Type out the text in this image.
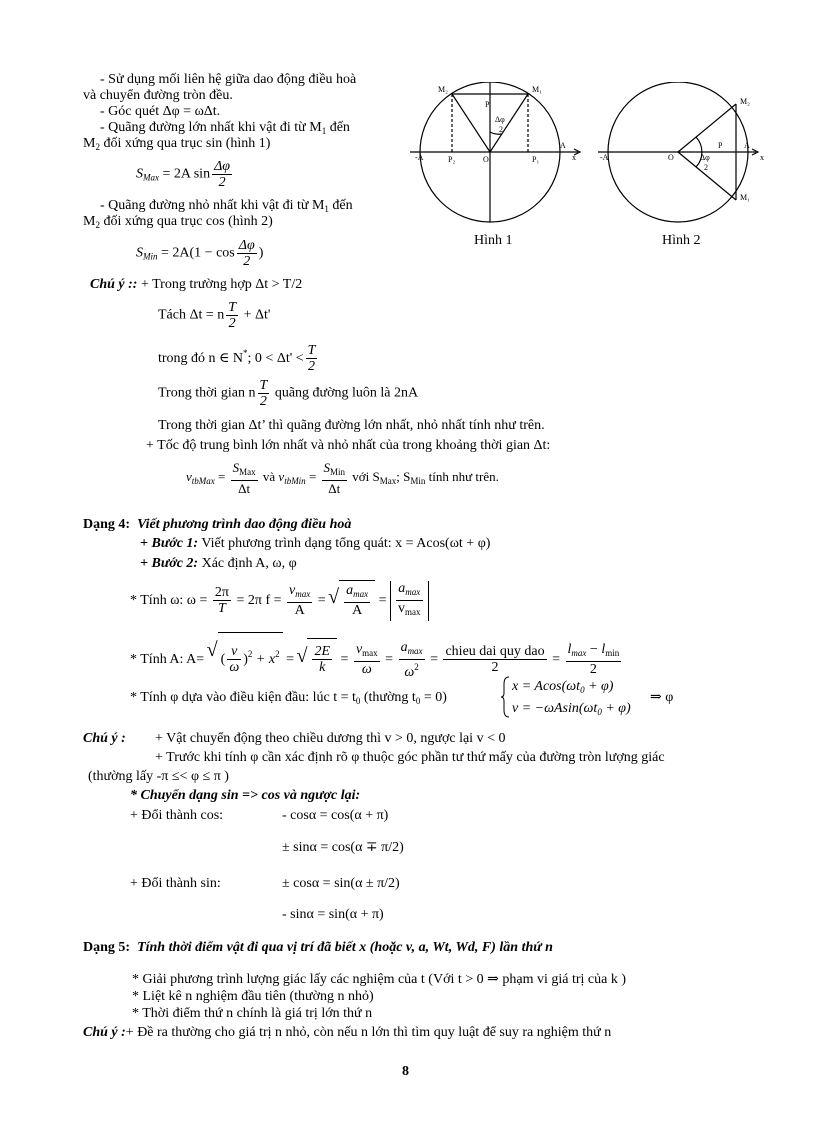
- Sử dụng mối liên hệ giữa dao động điều hoà
và chuyển đường tròn đều.
- Góc quét Δφ = ωΔt.
- Quãng đường lớn nhất khi vật đi từ $M_1$ đến
$M_2$ đối xứng qua trục sin (hình 1)
$S_{Max} = 2A$ $\sin \frac{\Delta\varphi}{2}$
- Quãng đường nhỏ nhất khi vật đi từ $M_1$ đến
$M_2$ đối xứng qua trục cos (hình 2)
$S_{Min} = 2A(1 - \cos \frac{\Delta\varphi}{2}$ )
M₂	M₁
P
Δφ
2
-A	P₂	O	P₁
A
x
M₂
M₁
-A	O
P
Δφ
2
A
x
Hình 1	Hình 2
Chú ý :: + Trong trường hợp Δt > T/2
Tách Δt = n $\frac{T}{2} + \Delta t'$
trong đó n ∈ N*; $0 < \Delta t' < \frac{T}{2}$
Trong thời gian n $\frac{T}{2}$ quãng đường luôn là 2nA
Trong thời gian Δt’ thì quãng đường lớn nhất, nhỏ nhất tính như trên.
+ Tốc độ trung bình lớn nhất và nhỏ nhất của trong khoảng thời gian Δt:
$v_{tbMax} = \frac{S_{Max}}{\Delta t}$ và $v_{tbMin} = \frac{S_{Min}}{\Delta t}$ với $S_{Max}$; $S_{Min}$ tính như trên.
Dạng 4: Viết phương trình dao động điều hoà
+ Bước 1: Viết phương trình dạng tổng quát: x = Acos(ωt + φ)
+ Bước 2: Xác định A, ω, φ
* Tính ω: $\omega = \frac{2\pi}{T} = 2\pi$ $f = \frac{v_{max}}{A}$ = √ $\frac{a_{max}}{A} = \frac{a_{max}}{v_{max}}$
* Tính A: A= √ ( $\frac{v}{\omega} )^2 + x^2$ = √ $\frac{2E}{k} = \frac{v_{max}}{\omega} = \frac{a_{max}}{\omega^2} = \frac{\text{chieu dai quy dao}}{2} = \frac{l_{max} - l_{min}}{2}$
* Tính φ dựa vào điều kiện đầu: lúc $t = t_0$ (thường $t_0 = 0$)
$x = Acos(\omega t_0 + \varphi)$
$v = -\omega Asin(\omega t_0 + \varphi)$
⇒ φ
Chú ý : + Vật chuyển động theo chiều dương thì v > 0, ngược lại v < 0
+ Trước khi tính φ cần xác định rõ φ thuộc góc phần tư thứ mấy của đường tròn lượng giác
(thường lấy -π ≤< φ ≤ π )
* Chuyển dạng sin => cos và ngược lại:
+ Đổi thành cos:	- cosα = cos(α + π)
± sinα = cos(α ∓ π/2)
+ Đổi thành sin:	± cosα = sin(α ± π/2)
- sinα = sin(α + π)
Dạng 5: Tính thời điểm vật đi qua vị trí đã biết x (hoặc v, a, Wt, Wd, F) lần thứ n
* Giải phương trình lượng giác lấy các nghiệm của t (Với t > 0 ⇒ phạm vi giá trị của k )
* Liệt kê n nghiệm đầu tiên (thường n nhỏ)
* Thời điểm thứ n chính là giá trị lớn thứ n
Chú ý :+ Đề ra thường cho giá trị n nhỏ, còn nếu n lớn thì tìm quy luật để suy ra nghiệm thứ n
8
